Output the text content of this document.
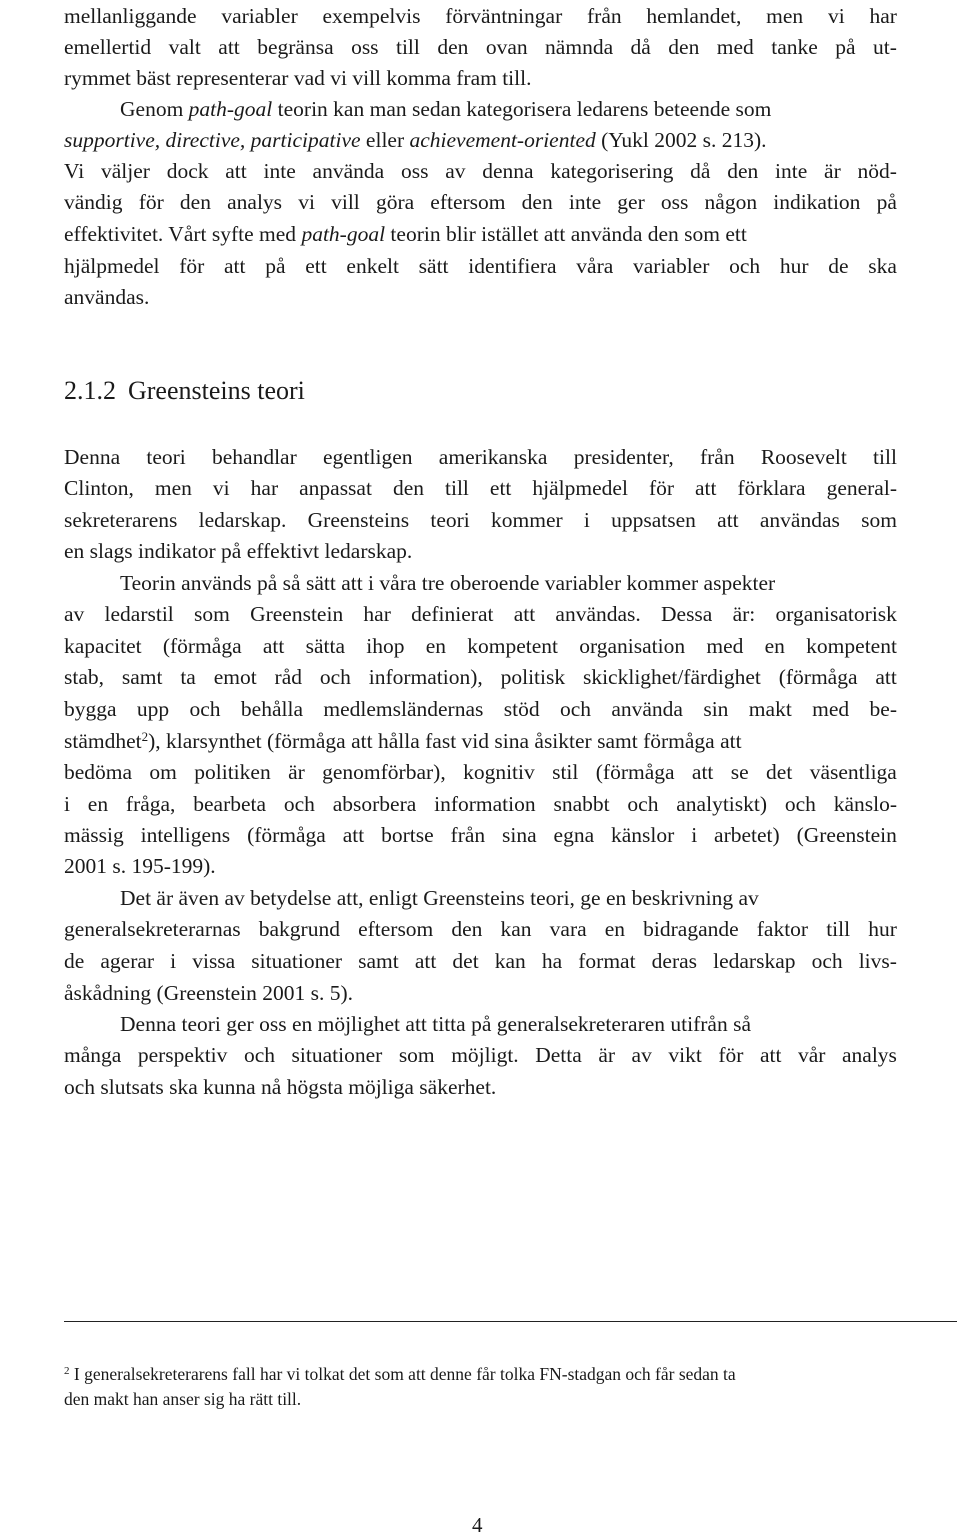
mellanliggande variabler exempelvis förväntningar från hemlandet, men vi har
emellertid valt att begränsa oss till den ovan nämnda då den med tanke på ut-
rymmet bäst representerar vad vi vill komma fram till.
Genom path-goal teorin kan man sedan kategorisera ledarens beteende som
supportive, directive, participative eller achievement-oriented (Yukl 2002 s. 213).
Vi väljer dock att inte använda oss av denna kategorisering då den inte är nöd-
vändig för den analys vi vill göra eftersom den inte ger oss någon indikation på
effektivitet. Vårt syfte med path-goal teorin blir istället att använda den som ett
hjälpmedel för att på ett enkelt sätt identifiera våra variabler och hur de ska
användas.
2.1.2 Greensteins teori
Denna teori behandlar egentligen amerikanska presidenter, från Roosevelt till
Clinton, men vi har anpassat den till ett hjälpmedel för att förklara general-
sekreterarens ledarskap. Greensteins teori kommer i uppsatsen att användas som
en slags indikator på effektivt ledarskap.
Teorin används på så sätt att i våra tre oberoende variabler kommer aspekter
av ledarstil som Greenstein har definierat att användas. Dessa är: organisatorisk
kapacitet (förmåga att sätta ihop en kompetent organisation med en kompetent
stab, samt ta emot råd och information), politisk skicklighet/färdighet (förmåga att
bygga upp och behålla medlemsländernas stöd och använda sin makt med be-
stämdhet$^2$), klarsynthet (förmåga att hålla fast vid sina åsikter samt förmåga att
bedöma om politiken är genomförbar), kognitiv stil (förmåga att se det väsentliga
i en fråga, bearbeta och absorbera information snabbt och analytiskt) och känslo-
mässig intelligens (förmåga att bortse från sina egna känslor i arbetet) (Greenstein
2001 s. 195-199).
Det är även av betydelse att, enligt Greensteins teori, ge en beskrivning av
generalsekreterarnas bakgrund eftersom den kan vara en bidragande faktor till hur
de agerar i vissa situationer samt att det kan ha format deras ledarskap och livs-
åskådning (Greenstein 2001 s. 5).
Denna teori ger oss en möjlighet att titta på generalsekreteraren utifrån så
många perspektiv och situationer som möjligt. Detta är av vikt för att vår analys
och slutsats ska kunna nå högsta möjliga säkerhet.
$^2$ I generalsekreterarens fall har vi tolkat det som att denne får tolka FN-stadgan och får sedan ta
den makt han anser sig ha rätt till.
4
